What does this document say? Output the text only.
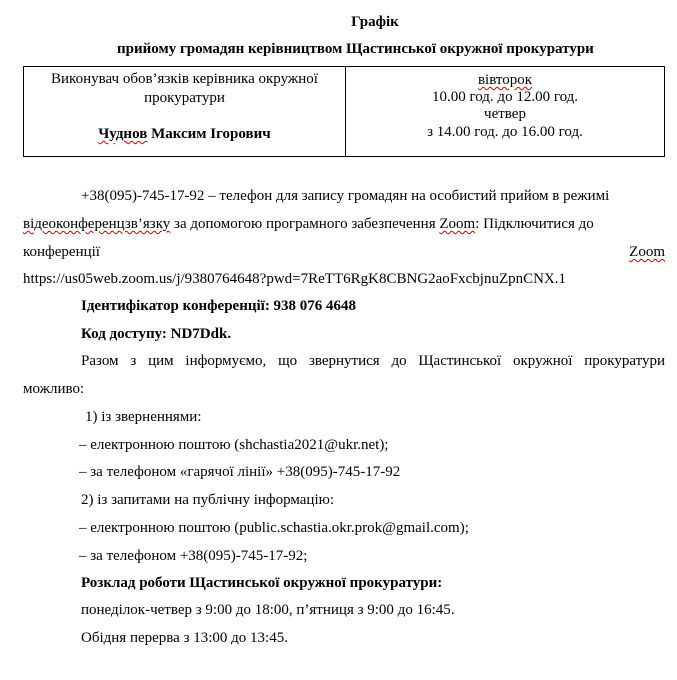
Графік
прийому громадян керівництвом Щастинської окружної прокуратури
Виконувач обов’язків керівника окружної
прокуратури
Чуднов Максим Ігорович
вівторок
10.00 год. до 12.00 год.
четвер
з 14.00 год. до 16.00 год.
+38(095)-745-17-92 – телефон для запису громадян на особистий прийом в режимі
відеоконференцзв’язку за допомогою програмного забезпечення Zoom: Підключитися до
конференції	Zoom
https://us05web.zoom.us/j/9380764648?pwd=7ReTT6RgK8CBNG2aoFxcbjnuZpnCNX.1
Ідентифікатор конференції: 938 076 4648
Код доступу: ND7Ddk.
Разом з цим інформуємо, що звернутися до Щастинської окружної прокуратури
можливо:
1) із зверненнями:
– електронною поштою (shchastia2021@ukr.net);
– за телефоном «гарячої лінії» +38(095)-745-17-92
2) із запитами на публічну інформацію:
– електронною поштою (public.schastia.okr.prok@gmail.com);
– за телефоном +38(095)-745-17-92;
Розклад роботи Щастинської окружної прокуратури:
понеділок-четвер з 9:00 до 18:00, п’ятниця з 9:00 до 16:45.
Обідня перерва з 13:00 до 13:45.
